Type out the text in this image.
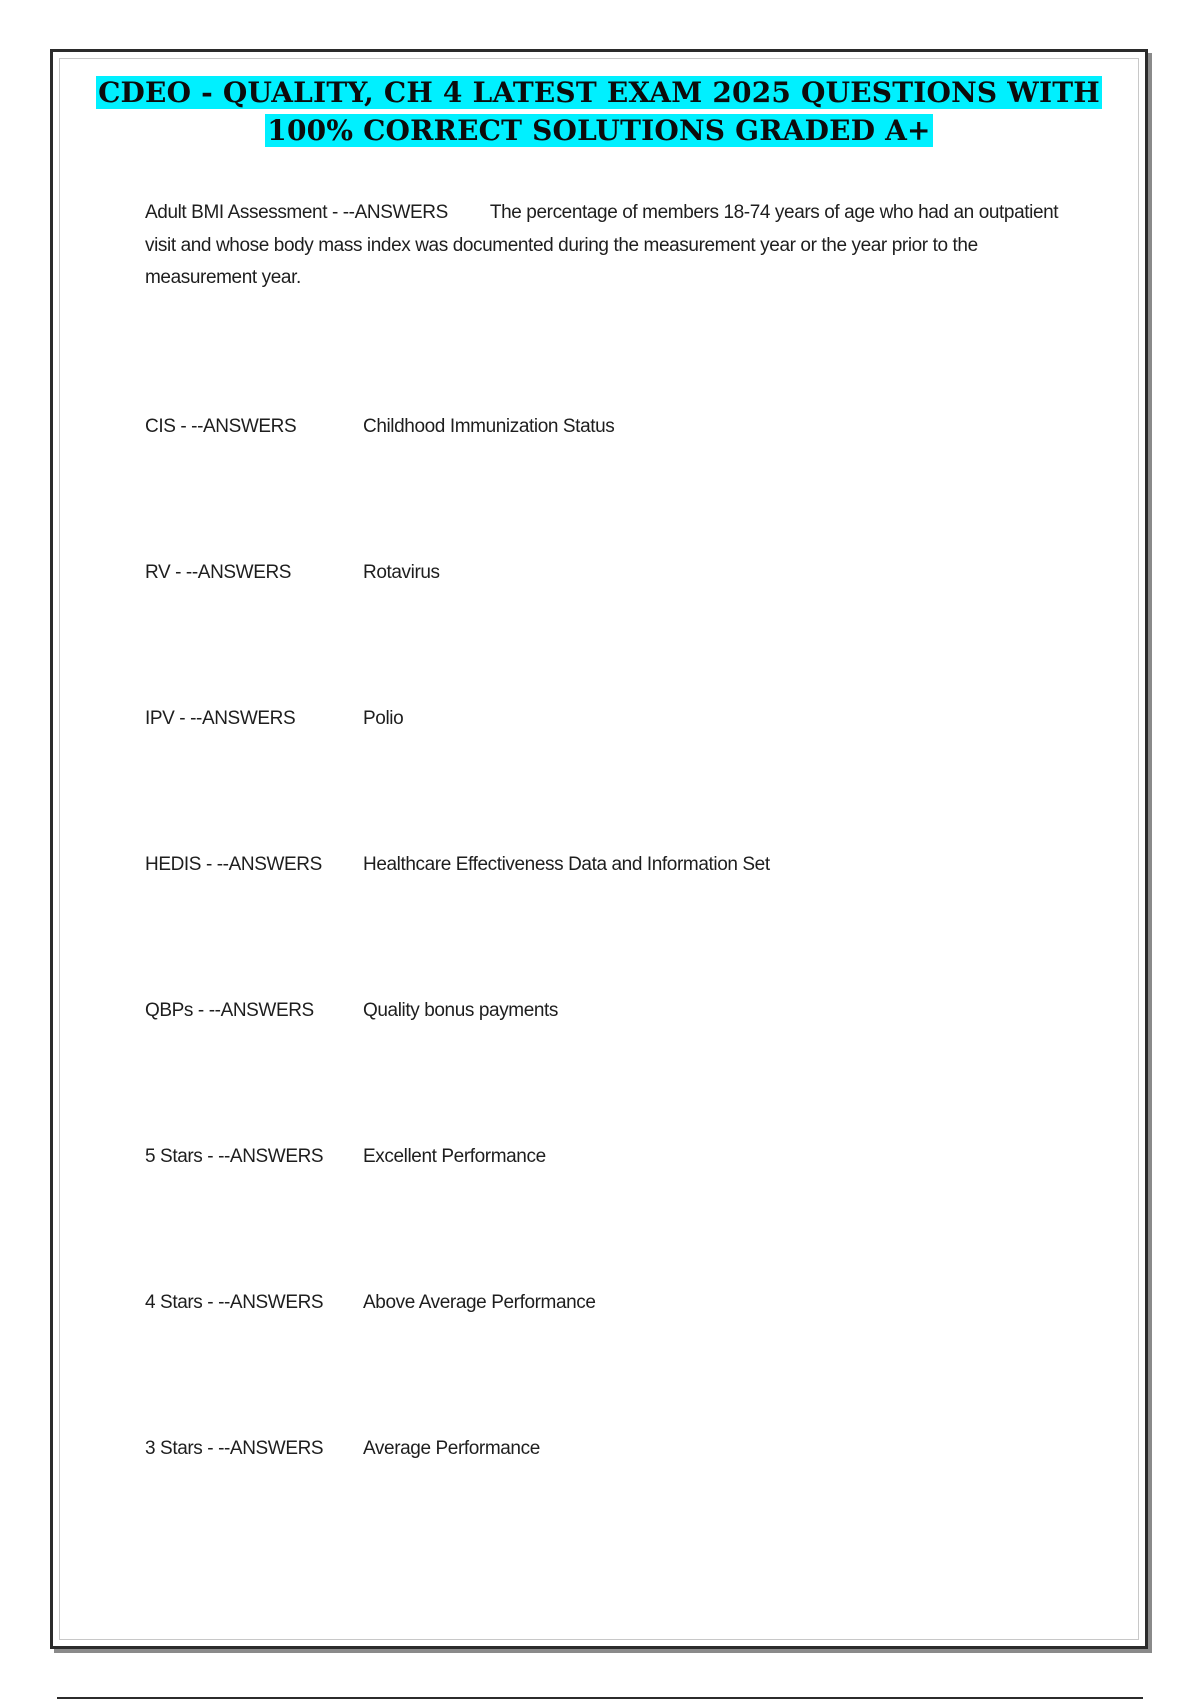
CDEO - QUALITY, CH 4 LATEST EXAM 2025 QUESTIONS WITH
100% CORRECT SOLUTIONS GRADED A+

Adult BMI Assessment - --ANSWERS The percentage of members 18-74 years of age who had an outpatient visit and whose body mass index was documented during the measurement year or the year prior to the measurement year.

CIS - --ANSWERS	Childhood Immunization Status
RV - --ANSWERS	Rotavirus
IPV - --ANSWERS	Polio
HEDIS - --ANSWERS Healthcare Effectiveness Data and Information Set
QBPs - --ANSWERS	Quality bonus payments
5 Stars - --ANSWERS Excellent Performance
4 Stars - --ANSWERS Above Average Performance
3 Stars - --ANSWERS Average Performance
